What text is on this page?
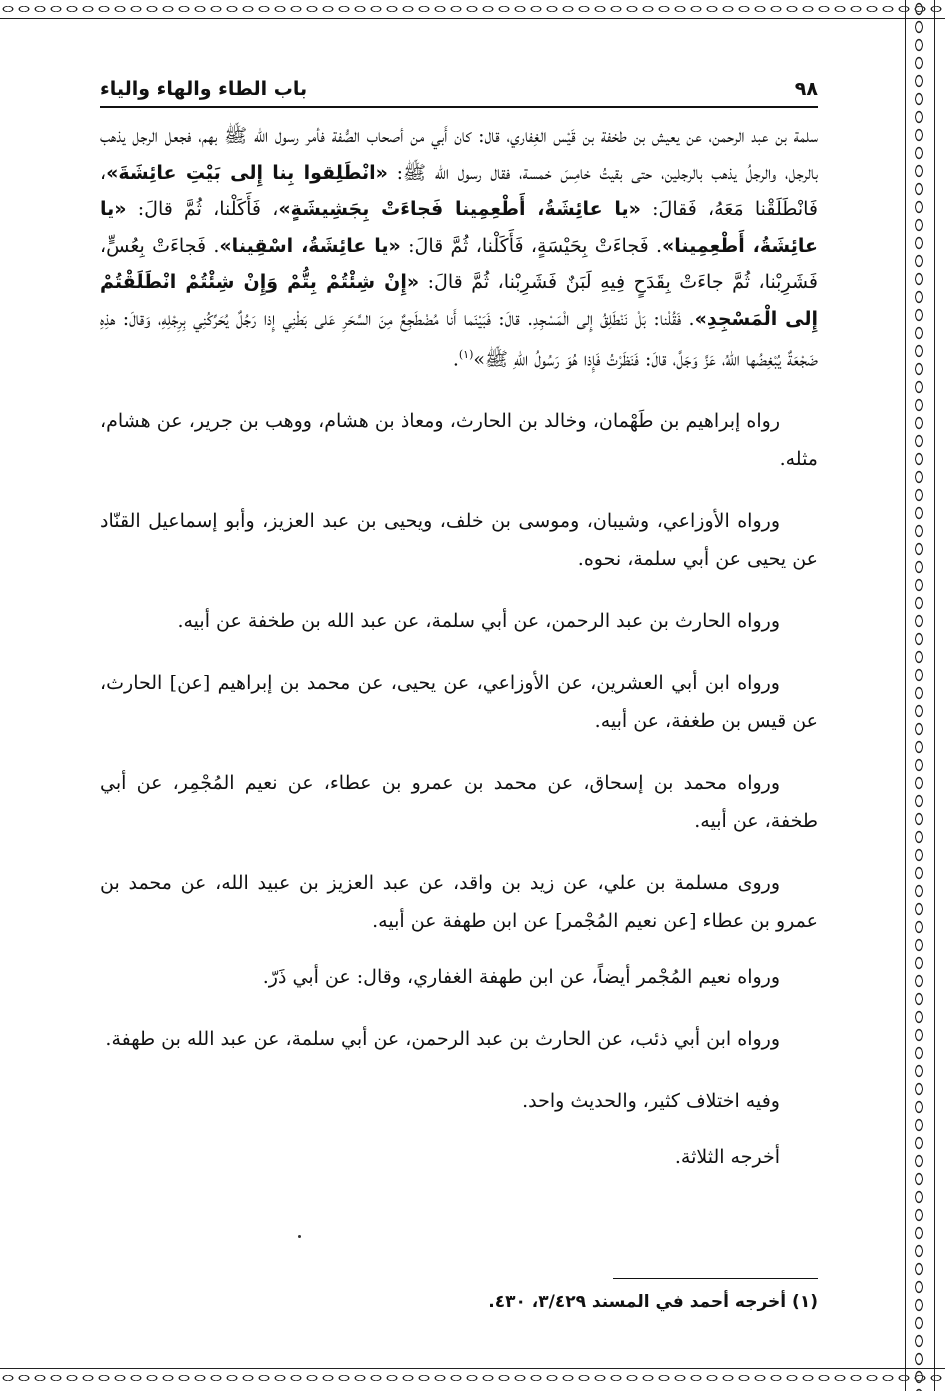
٩٨
باب الطاء والهاء والياء
سلمة بن عبد الرحمن، عن يعيش بن طخفة بن قَيْس الغِفاري، قال: كان أَبي من أصحاب الصُّفة فأمر رسول الله ﷺ بهم، فجعل الرجل يذهب بالرجل، والرجلُ يذهب بالرجلين، حتى بقيتُ خامِسَ خمسة، فقال رسول الله ﷺ: «انْطَلِقوا بِنا إِلى بَيْتِ عائِشَةَ»، فَانْطَلَقْنا مَعَهُ، فَقالَ: «يا عائِشَةُ، أَطْعِمِينا فَجاءَتْ بِجَشِيشَةٍ»، فَأَكَلْنا، ثُمَّ قالَ: «يا عائِشَةُ، أَطْعِمِينا». فَجاءَتْ بِحَيْسَةٍ، فَأَكَلْنا، ثُمَّ قالَ: «يا عائِشَةُ، اسْقِينا». فَجاءَتْ بِعُسٍّ، فَشَرِبْنا، ثُمَّ جاءَتْ بِقَدَحٍ فِيهِ لَبَنٌ فَشَرِبْنا، ثُمَّ قالَ: «إِنْ شِئْتُمْ بِتُّمْ وَإِنْ شِئْتُمْ انْطَلَقْتُمْ إِلى الْمَسْجِدِ». فَقُلْنا: بَلْ نَنْطَلِقُ إِلى الْمَسْجِدِ. قالَ: فَبَيْنَما أَنا مُضْطَجِعٌ مِنَ السَّحَرِ عَلى بَطْنِي إِذا رَجُلٌ يُحَرِّكُنِي بِرِجْلِهِ، وَقالَ: هذِهِ ضَجْعَةٌ يُبْغِضُها اللهُ، عَزَّ وَجَلَّ، قالَ: فَنَظَرْتُ فَإِذا هُوَ رَسُولُ اللهِ ﷺ»$^{(١)}$.

رواه إبراهيم بن طَهْمان، وخالد بن الحارث، ومعاذ بن هشام، ووهب بن جرير، عن هشام، مثله.

ورواه الأوزاعي، وشيبان، وموسى بن خلف، ويحيى بن عبد العزيز، وأبو إسماعيل القنّاد عن يحيى عن أبي سلمة، نحوه.

ورواه الحارث بن عبد الرحمن، عن أبي سلمة، عن عبد الله بن طخفة عن أبيه.

ورواه ابن أبي العشرين، عن الأوزاعي، عن يحيى، عن محمد بن إبراهيم [عن] الحارث، عن قيس بن طغفة، عن أبيه.

ورواه محمد بن إسحاق، عن محمد بن عمرو بن عطاء، عن نعيم المُجْمِر، عن أبي طخفة، عن أبيه.

وروى مسلمة بن علي، عن زيد بن واقد، عن عبد العزيز بن عبيد الله، عن محمد بن عمرو بن عطاء [عن نعيم المُجْمر] عن ابن طهفة عن أبيه.

ورواه نعيم المُجْمر أيضاً، عن ابن طهفة الغفاري، وقال: عن أبي ذَرّ.

ورواه ابن أبي ذئب، عن الحارث بن عبد الرحمن، عن أبي سلمة، عن عبد الله بن طهفة.

وفيه اختلاف كثير، والحديث واحد.

أخرجه الثلاثة.

(١) أخرجه أحمد في المسند ٣/٤٢٩، ٤٣٠.
